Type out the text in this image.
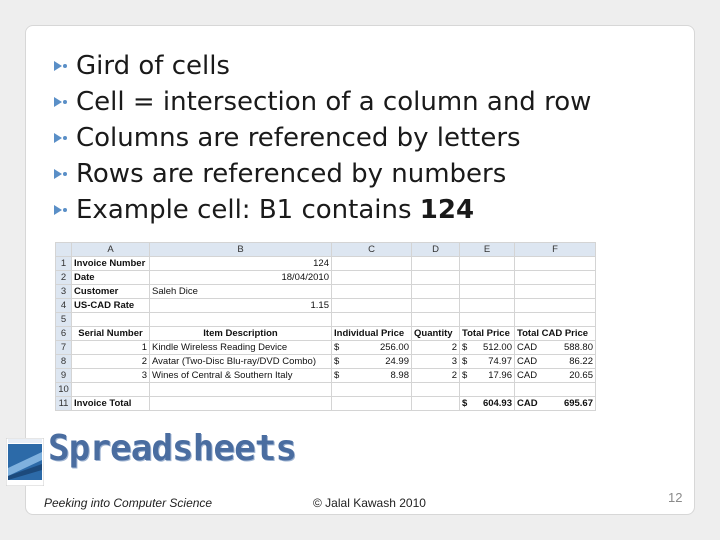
Gird of cells
Cell = intersection of a column and row
Columns are referenced by letters
Rows are referenced by numbers
Example cell: B1 contains
124
	A	B	C	D	E	F
1	Invoice Number	124				
2	Date	18/04/2010				
3	Customer	Saleh Dice				
4	US-CAD Rate	1.15				
5						
6	Serial Number	Item Description	Individual Price	Quantity	Total Price	Total CAD Price
7	1	Kindle Wireless Reading Device	$ 256.00	2	$ 512.00	CAD 588.80

8	2	Avatar (Two-Disc Blu-ray/DVD Combo)	$ 24.99	3	$ 74.97	CAD 86.22

9	3	Wines of Central & Southern Italy	$ 8.98	2	$ 17.96	CAD 20.65

10						
11	Invoice Total				$ 604.93	CAD 695.67
Spreadsheets
Peeking into Computer Science	© Jalal Kawash 2010	12
